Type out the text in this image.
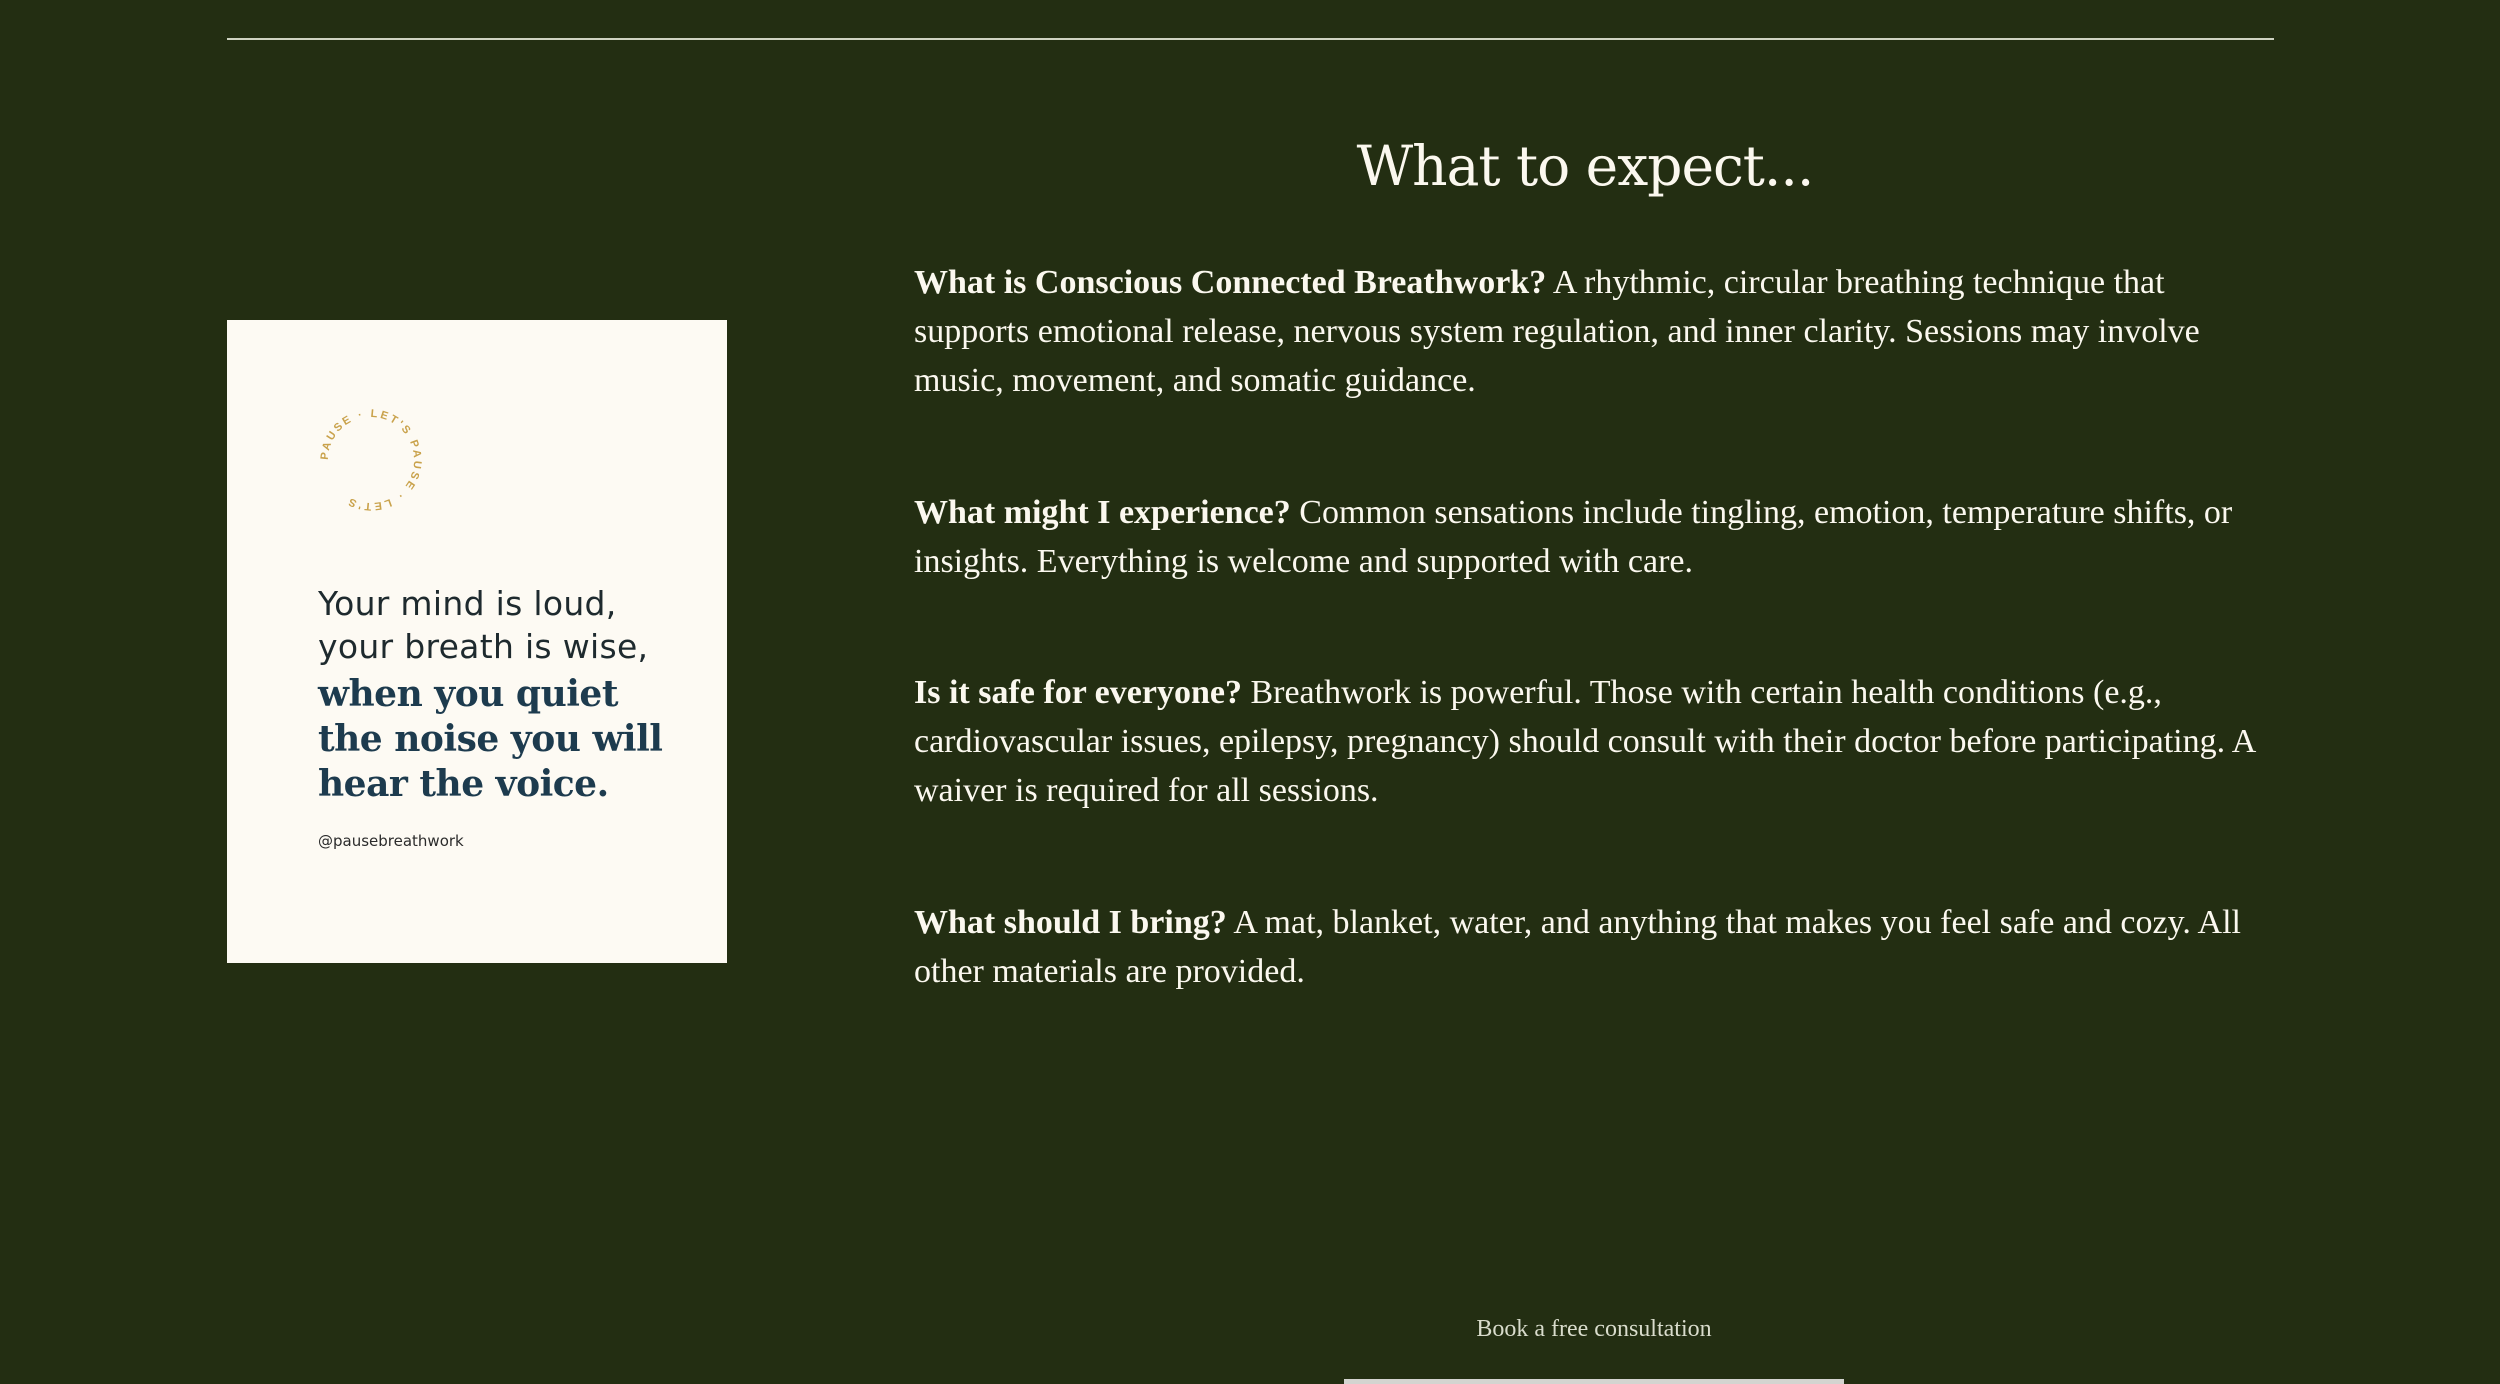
PAUSE · LET'S PAUSE · LET'S
Your mind is loud,
your breath is wise,
when you quiet
the noise you will
hear the voice.
@pausebreathwork
What to expect...
What is Conscious Connected Breathwork? A rhythmic, circular breathing technique that supports emotional release, nervous system regulation, and inner clarity. Sessions may involve music, movement, and somatic guidance.
What might I experience? Common sensations include tingling, emotion, temperature shifts, or insights. Everything is welcome and supported with care.
Is it safe for everyone? Breathwork is powerful. Those with certain health conditions (e.g., cardiovascular issues, epilepsy, pregnancy) should consult with their doctor before participating. A waiver is required for all sessions.
What should I bring? A mat, blanket, water, and anything that makes you feel safe and cozy. All other materials are provided.
Book a free consultation
